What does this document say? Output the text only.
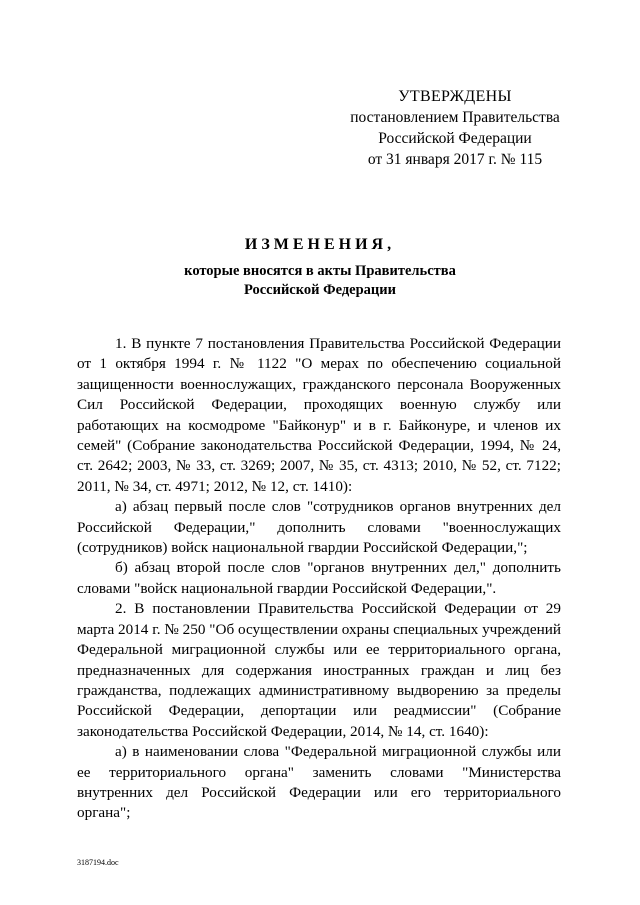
УТВЕРЖДЕНЫ
постановлением Правительства
Российской Федерации
от 31 января 2017 г. № 115
ИЗМЕНЕНИЯ,
которые вносятся в акты Правительства
Российской Федерации

1. В пункте 7 постановления Правительства Российской Федерации от 1 октября 1994 г. № 1122 "О мерах по обеспечению социальной защищенности военнослужащих, гражданского персонала Вооруженных Сил Российской Федерации, проходящих военную службу или работающих на космодроме "Байконур" и в г. Байконуре, и членов их семей" (Собрание законодательства Российской Федерации, 1994, № 24, ст. 2642; 2003, № 33, ст. 3269; 2007, № 35, ст. 4313; 2010, № 52, ст. 7122; 2011, № 34, ст. 4971; 2012, № 12, ст. 1410):

а) абзац первый после слов "сотрудников органов внутренних дел Российской Федерации," дополнить словами "военнослужащих (сотрудников) войск национальной гвардии Российской Федерации,";

б) абзац второй после слов "органов внутренних дел," дополнить словами "войск национальной гвардии Российской Федерации,".

2. В постановлении Правительства Российской Федерации от 29 марта 2014 г. № 250 "Об осуществлении охраны специальных учреждений Федеральной миграционной службы или ее территориального органа, предназначенных для содержания иностранных граждан и лиц без гражданства, подлежащих административному выдворению за пределы Российской Федерации, депортации или реадмиссии" (Собрание законодательства Российской Федерации, 2014, № 14, ст. 1640):

а) в наименовании слова "Федеральной миграционной службы или ее территориального органа" заменить словами "Министерства внутренних дел Российской Федерации или его территориального органа";

3187194.doc
